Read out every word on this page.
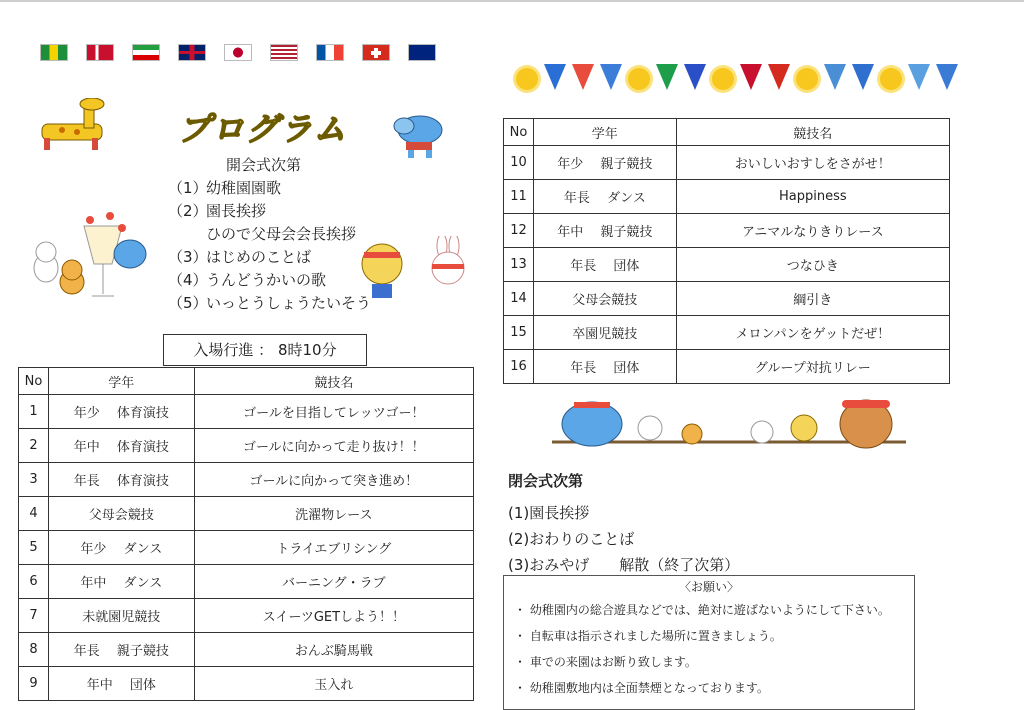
プログラム
開会式次第
（1）幼稚園園歌
（2）園長挨拶
ひので父母会会長挨拶
（3）はじめのことば
（4）うんどうかいの歌
（5）いっとうしょうたいそう
入場行進 ： 8時10分
No	学年	競技名
1	年少　 体育演技	ゴールを目指してレッツゴー！
2	年中　 体育演技	ゴールに向かって走り抜け！！
3	年長　 体育演技	ゴールに向かって突き進め！
4	父母会競技	洗濯物レース
5	年少　 ダンス	トライエブリシング
6	年中　 ダンス	バーニング・ラブ
7	未就園児競技	スイーツGETしよう！！
8	年長　 親子競技	おんぶ騎馬戦
9	年中　 団体	玉入れ
No	学年	競技名
10	年少　 親子競技	おいしいおすしをさがせ！
11	年長　 ダンス	Happiness
12	年中　 親子競技	アニマルなりきりレース
13	年長　 団体	つなひき
14	父母会競技	綱引き
15	卒園児競技	メロンパンをゲットだぜ！
16	年長　 団体	グループ対抗リレー
閉会式次第
(1)園長挨拶
(2)おわりのことば
(3)おみやげ　　解散（終了次第）
〈お願い〉
・ 幼稚園内の総合遊具などでは、絶対に遊ばないようにして下さい。
・ 自転車は指示されました場所に置きましょう。
・ 車での来園はお断り致します。
・ 幼稚園敷地内は全面禁煙となっております。
